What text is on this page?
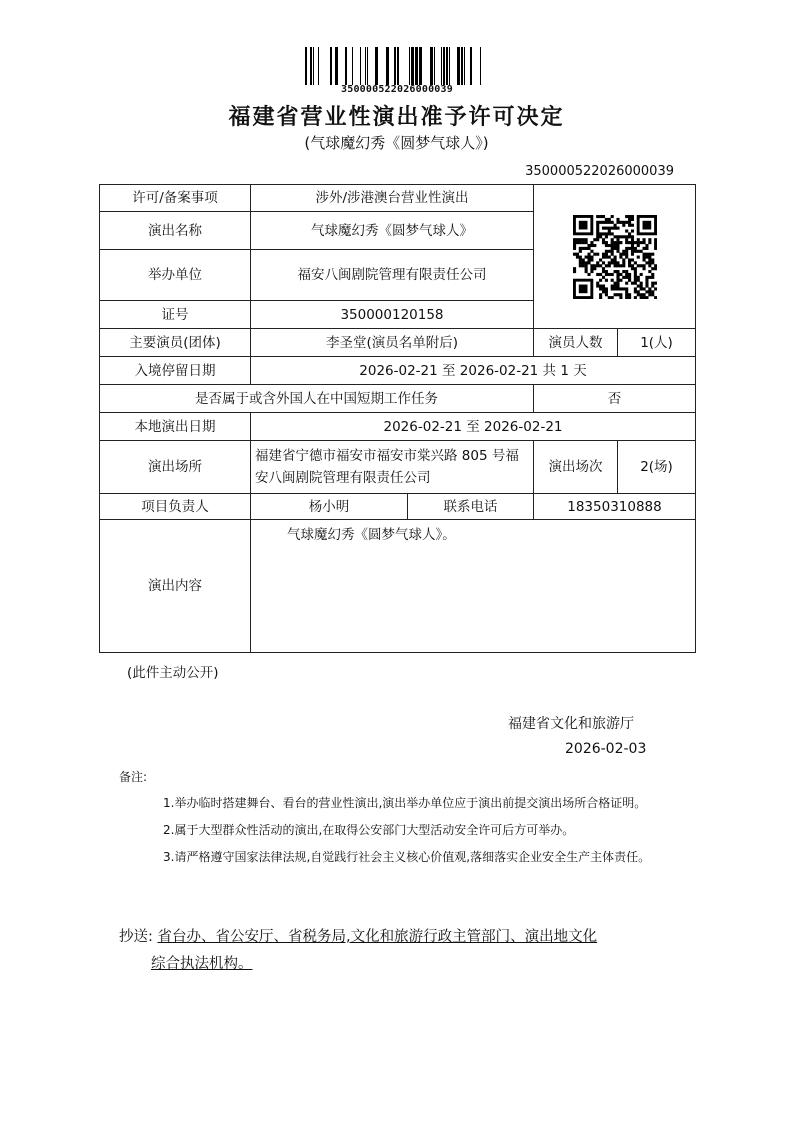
350000522026000039
福建省营业性演出准予许可决定
(气球魔幻秀《圆梦气球人》)
350000522026000039
许可/备案事项	涉外/涉港澳台营业性演出	

演出名称	气球魔幻秀《圆梦气球人》			
举办单位	福安八闽剧院管理有限责任公司			
证号	350000120158			
主要演员(团体)	李圣堂(演员名单附后)		演员人数	1(人)
入境停留日期	2026-02-21 至 2026-02-21 共 1 天			
是否属于或含外国人在中国短期工作任务			否	
本地演出日期	2026-02-21 至 2026-02-21			
演出场所	福建省宁德市福安市福安市棠兴路 805 号福安八闽剧院管理有限责任公司		演出场次	2(场)
项目负责人	杨小明	联系电话	18350310888	
演出内容	气球魔幻秀《圆梦气球人》。			
(此件主动公开)
福建省文化和旅游厅
2026-02-03
备注:
1.举办临时搭建舞台、看台的营业性演出,演出举办单位应于演出前提交演出场所合格证明。
2.属于大型群众性活动的演出,在取得公安部门大型活动安全许可后方可举办。
3.请严格遵守国家法律法规,自觉践行社会主义核心价值观,落细落实企业安全生产主体责任。
抄送: 省台办、省公安厅、省税务局,文化和旅游行政主管部门、演出地文化
综合执法机构。
